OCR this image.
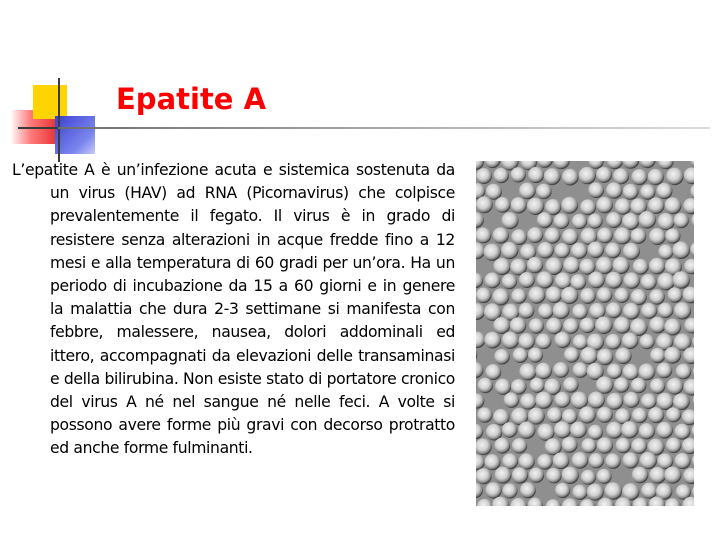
Epatite A

L’epatite A è un’infezione acuta e sistemica sostenuta da un virus (HAV) ad RNA (Picornavirus) che colpisce prevalentemente il fegato. Il virus è in grado di resistere senza alterazioni in acque fredde fino a 12 mesi e alla temperatura di 60 gradi per un’ora. Ha un periodo di incubazione da 15 a 60 giorni e in genere la malattia che dura 2-3 settimane si manifesta con febbre, malessere, nausea, dolori addominali ed ittero, accompagnati da elevazioni delle transaminasi e della bilirubina. Non esiste stato di portatore cronico del virus A né nel sangue né nelle feci. A volte si possono avere forme più gravi con decorso protratto ed anche forme fulminanti.
